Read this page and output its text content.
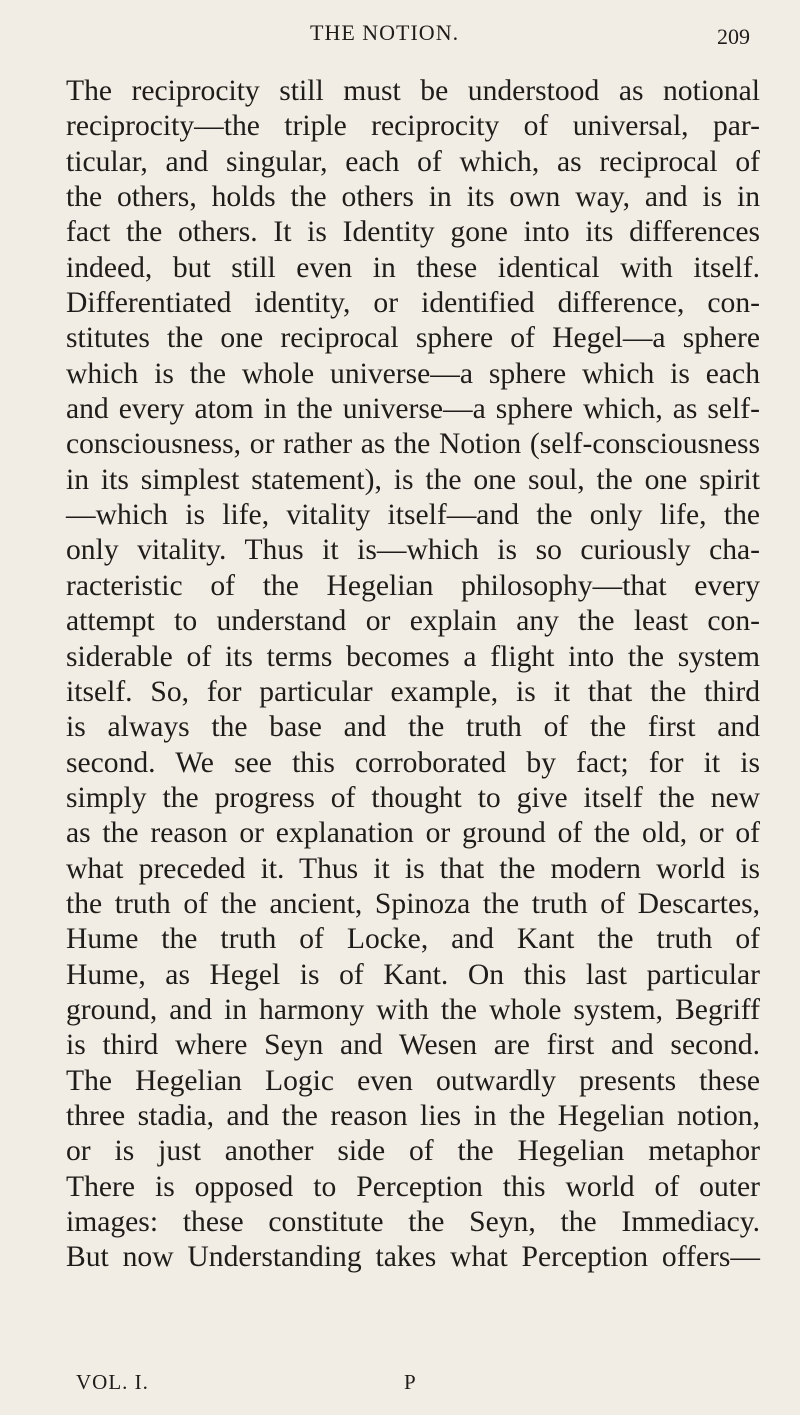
THE NOTION.	209
The reciprocity still must be understood as notional
reciprocity—the triple reciprocity of universal, par-
ticular, and singular, each of which, as reciprocal of
the others, holds the others in its own way, and is in
fact the others. It is Identity gone into its differences
indeed, but still even in these identical with itself.
Differentiated identity, or identified difference, con-
stitutes the one reciprocal sphere of Hegel—a sphere
which is the whole universe—a sphere which is each
and every atom in the universe—a sphere which, as self-
consciousness, or rather as the Notion (self-consciousness
in its simplest statement), is the one soul, the one spirit
—which is life, vitality itself—and the only life, the
only vitality. Thus it is—which is so curiously cha-
racteristic of the Hegelian philosophy—that every
attempt to understand or explain any the least con-
siderable of its terms becomes a flight into the system
itself. So, for particular example, is it that the third
is always the base and the truth of the first and
second. We see this corroborated by fact; for it is
simply the progress of thought to give itself the new
as the reason or explanation or ground of the old, or of
what preceded it. Thus it is that the modern world is
the truth of the ancient, Spinoza the truth of Descartes,
Hume the truth of Locke, and Kant the truth of
Hume, as Hegel is of Kant. On this last particular
ground, and in harmony with the whole system, Begriff
is third where Seyn and Wesen are first and second.
The Hegelian Logic even outwardly presents these
three stadia, and the reason lies in the Hegelian notion,
or is just another side of the Hegelian metaphor
There is opposed to Perception this world of outer
images: these constitute the Seyn, the Immediacy.
But now Understanding takes what Perception offers—
VOL. I.	P
